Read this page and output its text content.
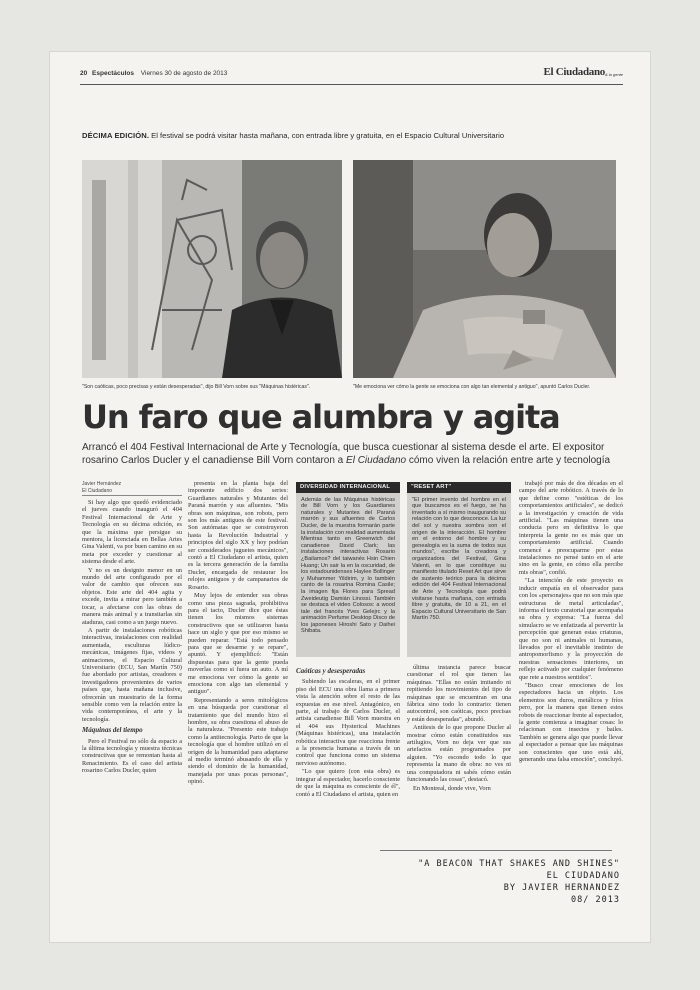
20 Espectáculos Viernes 30 de agosto de 2013	El Ciudadano & la gente
DÉCIMA EDICIÓN. El festival se podrá visitar hasta mañana, con entrada libre y gratuita, en el Espacio Cultural Universitario
"Son caóticas, poco precisas y están desesperadas", dijo Bill Vorn sobre sus "Máquinas histéricas".	"Me emociona ver cómo la gente se emociona con algo tan elemental y antiguo", apuntó Carlos Ducler.
Un faro que alumbra y agita
Arrancó el 404 Festival Internacional de Arte y Tecnología, que busca cuestionar al sistema desde el arte. El expositor rosarino Carlos Ducler y el canadiense Bill Vorn contaron a El Ciudadano cómo viven la relación entre arte y tecnología
Javier Hernández
El Ciudadano

Si hay algo que quedó evidenciado el jueves cuando inauguró el 404 Festival Internacional de Arte y Tecnología en su décima edición, es que la máxima que persigue su mentora, la licenciada en Bellas Artes Gina Valenti, va por buen camino en su meta por exceder y cuestionar al sistema desde el arte.

Y no es un designio menor en un mundo del arte configurado por el valor de cambio que ofrecen sus objetos. Este arte del 404 agita y excede, invita a mirar pero también a tocar, a afectarse con las obras de manera más animal y a transitarlas sin ataduras, casi como a un juego nuevo.

A partir de instalaciones robóticas interactivas, instalaciones con realidad aumentada, esculturas lúdico-mecánicas, imágenes fijas, videos y animaciones, el Espacio Cultural Universitario (ECU, San Martín 750) fue abordado por artistas, creadores e investigadores provenientes de varios países que, hasta mañana inclusive, ofrecerán un muestrario de la forma sensible como ven la relación entre la vida contemporánea, el arte y la tecnología.

Máquinas del tiempo

Pero el Festival no sólo da espacio a la última tecnología y muestra técnicas constructivas que se remontan hasta al Renacimiento. Es el caso del artista rosarino Carlos Ducler, quien

presenta en la planta baja del imponente edificio dos series: Guardianes naturales y Mutantes del Paraná marrón y sus afluentes. "Mis obras son máquinas, son robots, pero son los más antiguos de este festival. Son autómatas que se construyeron hasta la Revolución Industrial y principios del siglo XX y hoy podrían ser considerados juguetes mecánicos", contó a El Ciudadano el artista, quien es la tercera generación de la familia Ducler, encargada de restaurar los relojes antiguos y de campanarios de Rosario.

Muy lejos de entender sus obras como una pieza sagrada, prohibitiva para el tacto, Ducler dice que éstas tienen los mismos sistemas constructivos que se utilizaron hasta hace un siglo y que por eso mismo se pueden reparar. "Está todo pensado para que se desarme y se repare", apuntó. Y ejemplificó: "Están dispuestas para que la gente pueda moverlas como si fuera un auto. A mí me emociona ver cómo la gente se emociona con algo tan elemental y antiguo".

Representando a seres mitológicos en una búsqueda por cuestionar el tratamiento que del mundo hizo el hombre, su obra cuestiona el abuso de la naturaleza. "Presento este trabajo como la antitecnología. Parto de que la tecnología que el hombre utilizó en el origen de la humanidad para adaptarse al medio terminó abusando de ella y siendo el dominio de la humanidad, manejada por unas pocas personas", opinó.

DIVERSIDAD INTERNACIONAL
Además de las Máquinas histéricas de Bill Vorn y los Guardianes naturales y Mutantes del Paraná marrón y sus afluentes de Carlos Ducler, de la muestra formarán parte la instalación con realidad aumentada Mientras tanto en Greenwich del canadiense David Clark; las instalaciones interactivas Rosario ¿Bailamos? del taiwanés Hsin Chien Huang; Un sair la en la oscuridad, de los estadounidenses Haylee Bollinger y Muhammer Yildirim, y lo también canto de la rosarina Romina Casile; la imagen fija Flores para Spread Zweideutig Damián Linossi. También se destaca el video Colosos: a wood tale del francés Yves Gelejrc y la animación Perfume Desktop Disco de los japoneses Hiroshi Sato y Daihei Shibata.

Caóticas y desesperadas

Subiendo las escaleras, en el primer piso del ECU una obra llama a primera vista la atención sobre el resto de las expuestas en ese nivel. Antagónico, en parte, al trabajo de Carlos Ducler, el artista canadiense Bill Vorn muestra en el 404 sus Hysterical Machines (Máquinas histéricas), una instalación robótica interactiva que reacciona frente a la presencia humana a través de un control que funciona como un sistema nervioso autónomo.

"Lo que quiero (con esta obra) es integrar al espectador, hacerlo consciente de que la máquina es consciente de él", contó a El Ciudadano el artista, quien en

"RESET ART"
"El primer invento del hombre en el que buscamos es el fuego, se ha inventado a sí mismo inaugurando su relación con lo que desconoce. La luz del sol y nuestra sombra son el origen de la interacción. El hombre en el entorno del hombre y su genealogía es la suma de todos sus mundos", escribe la creadora y organizadora del Festival, Gina Valenti, en lo que constituye su manifiesto titulado Reset Art que sirve de sustento teórico para la décima edición del 404 Festival Internacional de Arte y Tecnología que podrá visitarse hasta mañana, con entrada libre y gratuita, de 10 a 21, en el Espacio Cultural Universitario de San Martín 750.

última instancia parece buscar cuestionar el rol que tienen las máquinas. "Ellas no están imitando ni repitiendo los movimientos del tipo de máquinas que se encuentran en una fábrica sino todo lo contrario: tienen autocontrol, son caóticas, poco precisas y están desesperadas", abundó.

Antítesis de lo que propone Ducler al mostrar cómo están constituidos sus artilugios, Vorn no deja ver que sus artefactos están programados por alguien. "Yo escondo todo lo que representa la mano de obra: no ves ni una computadora ni sabés cómo están funcionando las cosas", destacó.

En Montreal, donde vive, Vorn

trabajó por más de dos décadas en el campo del arte robótico. A través de lo que define como "estéticas de los comportamientos artificiales", se dedicó a la investigación y creación de vida artificial. "Las máquinas tienen una conducta pero en definitiva lo que interpreta la gente no es más que un comportamiento artificial. Cuando comencé a preocuparme por estas instalaciones no pensé tanto en el arte sino en la gente, en cómo ella percibe mis obras", confió.

"La intención de este proyecto es inducir empatía en el observador para con los «personajes» que no son más que estructuras de metal articuladas", informa el texto curatorial que acompaña su obra y expresa: "La fuerza del simulacro se ve enfatizada al pervertir la percepción que generan estas criaturas, que no son ni animales ni humanas, llevados por el inevitable instinto de antropomorfismo y la proyección de nuestras sensaciones interiores, un reflejo activado por cualquier fenómeno que rete a nuestros sentidos".

"Busco crear emociones de los espectadores hacia un objeto. Los elementos son duros, metálicos y fríos pero, por la manera que tienen estos robots de reaccionar frente al espectador, la gente comienza a imaginar cosas: lo relacionan con insectos y bailes. También se genera algo que puede llevar al espectador a pensar que las máquinas son conscientes que uno está ahí, generando una falsa emoción", concluyó.

"A BEACON THAT SHAKES AND SHINES"
EL CIUDADANO
BY JAVIER HERNANDEZ
08/ 2013
